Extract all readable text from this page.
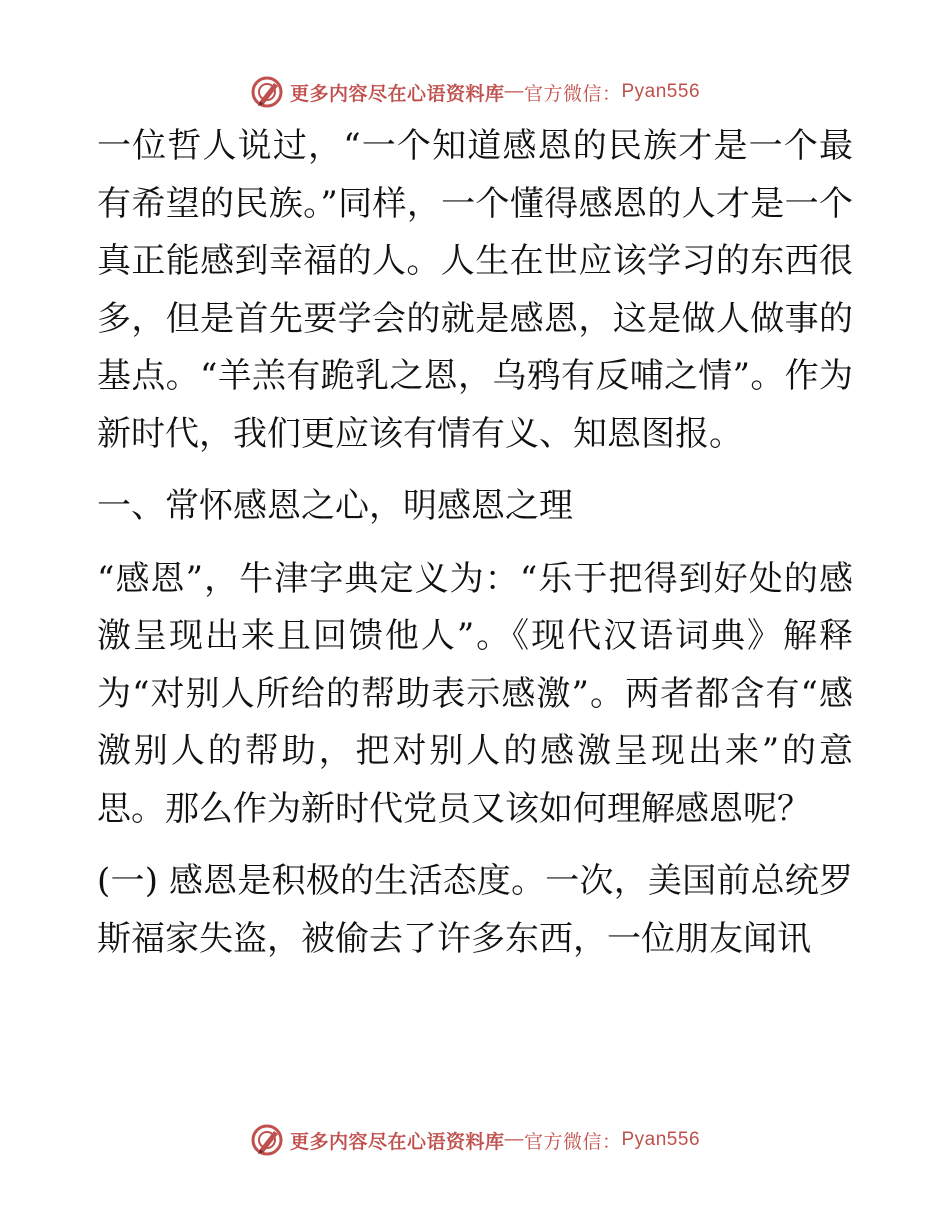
更多内容尽在心语资料库 — 官方微信： Pyan556

一位哲人说过，“一个知道感恩的民族才是一个最有希望的民族。”同样，一个懂得感恩的人才是一个真正能感到幸福的人。人生在世应该学习的东西很多，但是首先要学会的就是感恩，这是做人做事的基点。“羊羔有跪乳之恩，乌鸦有反哺之情”。作为新时代，我们更应该有情有义、知恩图报。

一、常怀感恩之心，明感恩之理

“感恩”，牛津字典定义为：“乐于把得到好处的感激呈现出来且回馈他人”。《现代汉语词典》解释为“对别人所给的帮助表示感激”。两者都含有“感激别人的帮助，把对别人的感激呈现出来”的意思。那么作为新时代党员又该如何理解感恩呢？

(一) 感恩是积极的生活态度。一次，美国前总统罗斯福家失盗，被偷去了许多东西，一位朋友闻讯

更多内容尽在心语资料库 — 官方微信： Pyan556
